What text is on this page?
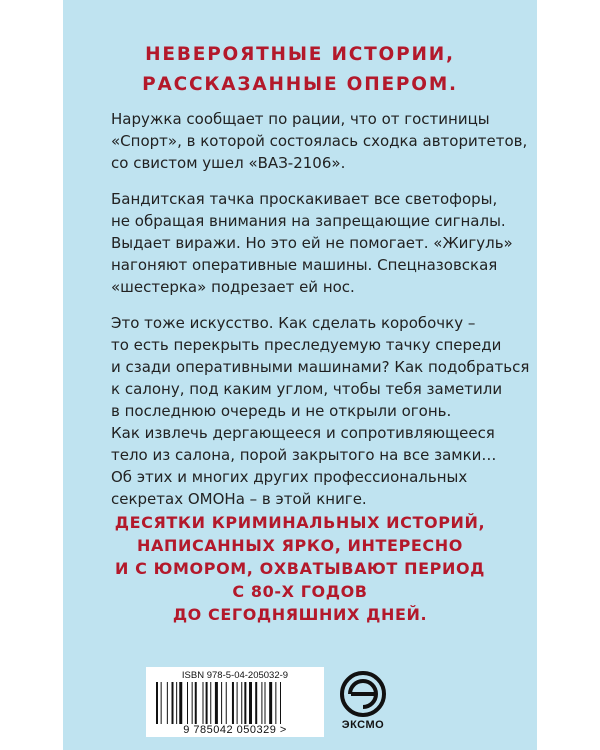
НЕВЕРОЯТНЫЕ ИСТОРИИ,
РАССКАЗАННЫЕ ОПЕРОМ.
Наружка сообщает по рации, что от гостиницы
«Спорт», в которой состоялась сходка авторитетов,
со свистом ушел «ВАЗ-2106».
Бандитская тачка проскакивает все светофоры,
не обращая внимания на запрещающие сигналы.
Выдает виражи. Но это ей не помогает. «Жигуль»
нагоняют оперативные машины. Спецназовская
«шестерка» подрезает ей нос.
Это тоже искусство. Как сделать коробочку –
то есть перекрыть преследуемую тачку спереди
и сзади оперативными машинами? Как подобраться
к салону, под каким углом, чтобы тебя заметили
в последнюю очередь и не открыли огонь.
Как извлечь дергающееся и сопротивляющееся
тело из салона, порой закрытого на все замки…
Об этих и многих других профессиональных
секретах ОМОНа – в этой книге.
ДЕСЯТКИ КРИМИНАЛЬНЫХ ИСТОРИЙ,
НАПИСАННЫХ ЯРКО, ИНТЕРЕСНО
И С ЮМОРОМ, ОХВАТЫВАЮТ ПЕРИОД
С 80-Х ГОДОВ
ДО СЕГОДНЯШНИХ ДНЕЙ.
ISBN 978-5-04-205032-9
9 785042 050329 >	ЭКСМО
